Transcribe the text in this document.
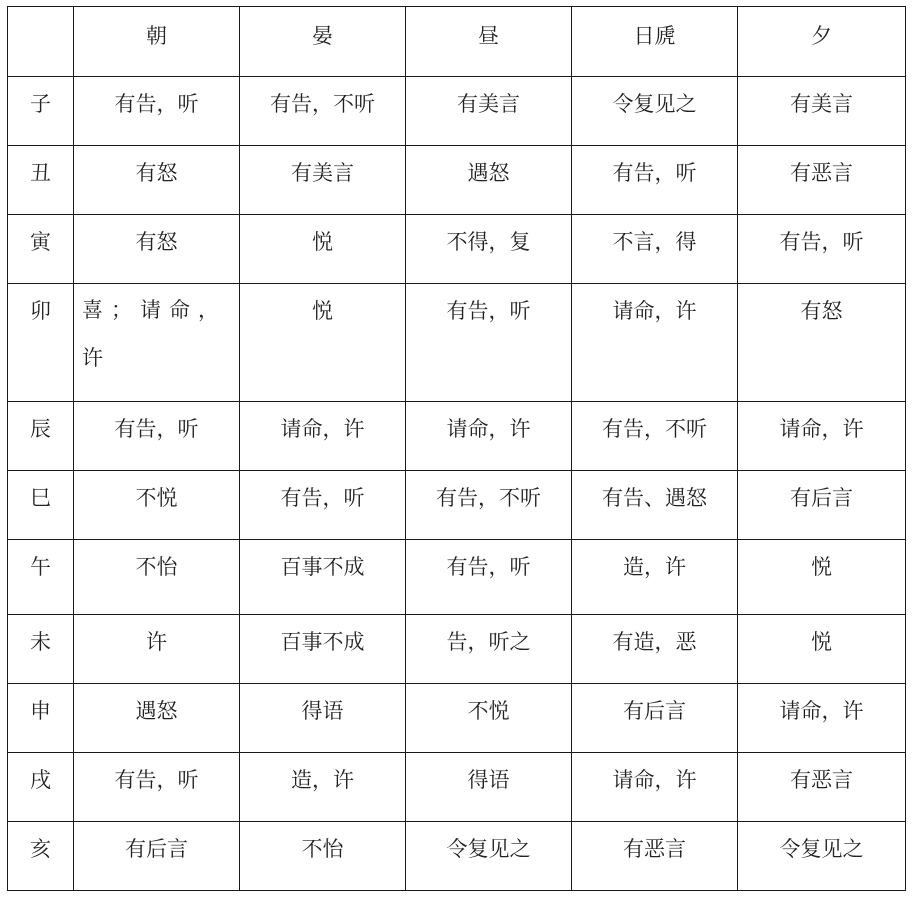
	朝	晏	昼	日虒	夕
子	有告，听	有告，不听	有美言	令复见之	有美言
丑	有怒	有美言	遇怒	有告，听	有恶言
寅	有怒	悦	不得，复	不言，得	有告，听
卯	喜；请命，许	悦	有告，听	请命，许	有怒
辰	有告，听	请命，许	请命，许	有告，不听	请命，许
巳	不悦	有告，听	有告，不听	有告、遇怒	有后言
午	不怡	百事不成	有告，听	造，许	悦
未	许	百事不成	告，听之	有造，恶	悦
申	遇怒	得语	不悦	有后言	请命，许
戌	有告，听	造，许	得语	请命，许	有恶言
亥	有后言	不怡	令复见之	有恶言	令复见之
